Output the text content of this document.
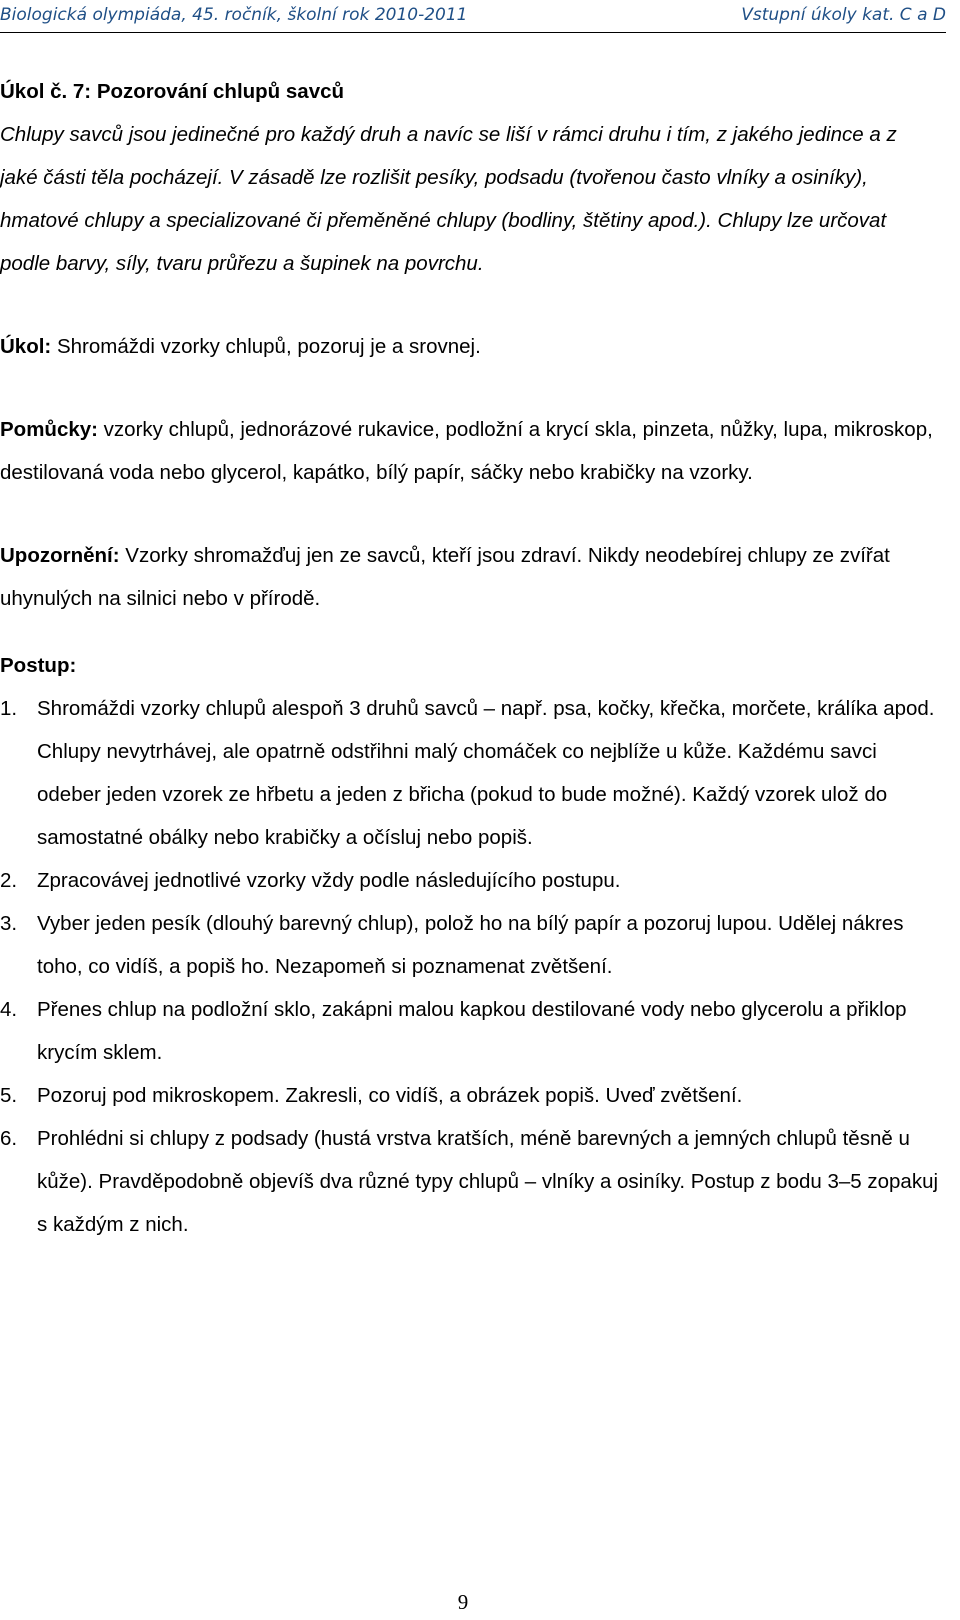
Biologická olympiáda, 45. ročník, školní rok 2010-2011	Vstupní úkoly kat. C a D

Úkol č. 7: Pozorování chlupů savců

Chlupy savců jsou jedinečné pro každý druh a navíc se liší v rámci druhu i tím, z jakého jedince a z jaké části těla pocházejí. V zásadě lze rozlišit pesíky, podsadu (tvořenou často vlníky a osiníky), hmatové chlupy a specializované či přeměněné chlupy (bodliny, štětiny apod.). Chlupy lze určovat podle barvy, síly, tvaru průřezu a šupinek na povrchu.

Úkol: Shromáždi vzorky chlupů, pozoruj je a srovnej.

Pomůcky: vzorky chlupů, jednorázové rukavice, podložní a krycí skla, pinzeta, nůžky, lupa, mikroskop, destilovaná voda nebo glycerol, kapátko, bílý papír, sáčky nebo krabičky na vzorky.

Upozornění: Vzorky shromažďuj jen ze savců, kteří jsou zdraví. Nikdy neodebírej chlupy ze zvířat uhynulých na silnici nebo v přírodě.

Postup:

1. Shromáždi vzorky chlupů alespoň 3 druhů savců – např. psa, kočky, křečka, morčete, králíka apod. Chlupy nevytrhávej, ale opatrně odstřihni malý chomáček co nejblíže u kůže. Každému savci odeber jeden vzorek ze hřbetu a jeden z břicha (pokud to bude možné). Každý vzorek ulož do samostatné obálky nebo krabičky a očísluj nebo popiš.
2. Zpracovávej jednotlivé vzorky vždy podle následujícího postupu.
3. Vyber jeden pesík (dlouhý barevný chlup), polož ho na bílý papír a pozoruj lupou. Udělej nákres toho, co vidíš, a popiš ho. Nezapomeň si poznamenat zvětšení.
4. Přenes chlup na podložní sklo, zakápni malou kapkou destilované vody nebo glycerolu a přiklop krycím sklem.
5. Pozoruj pod mikroskopem. Zakresli, co vidíš, a obrázek popiš. Uveď zvětšení.
6. Prohlédni si chlupy z podsady (hustá vrstva kratších, méně barevných a jemných chlupů těsně u kůže). Pravděpodobně objevíš dva různé typy chlupů – vlníky a osiníky. Postup z bodu 3–5 zopakuj s každým z nich.
9
